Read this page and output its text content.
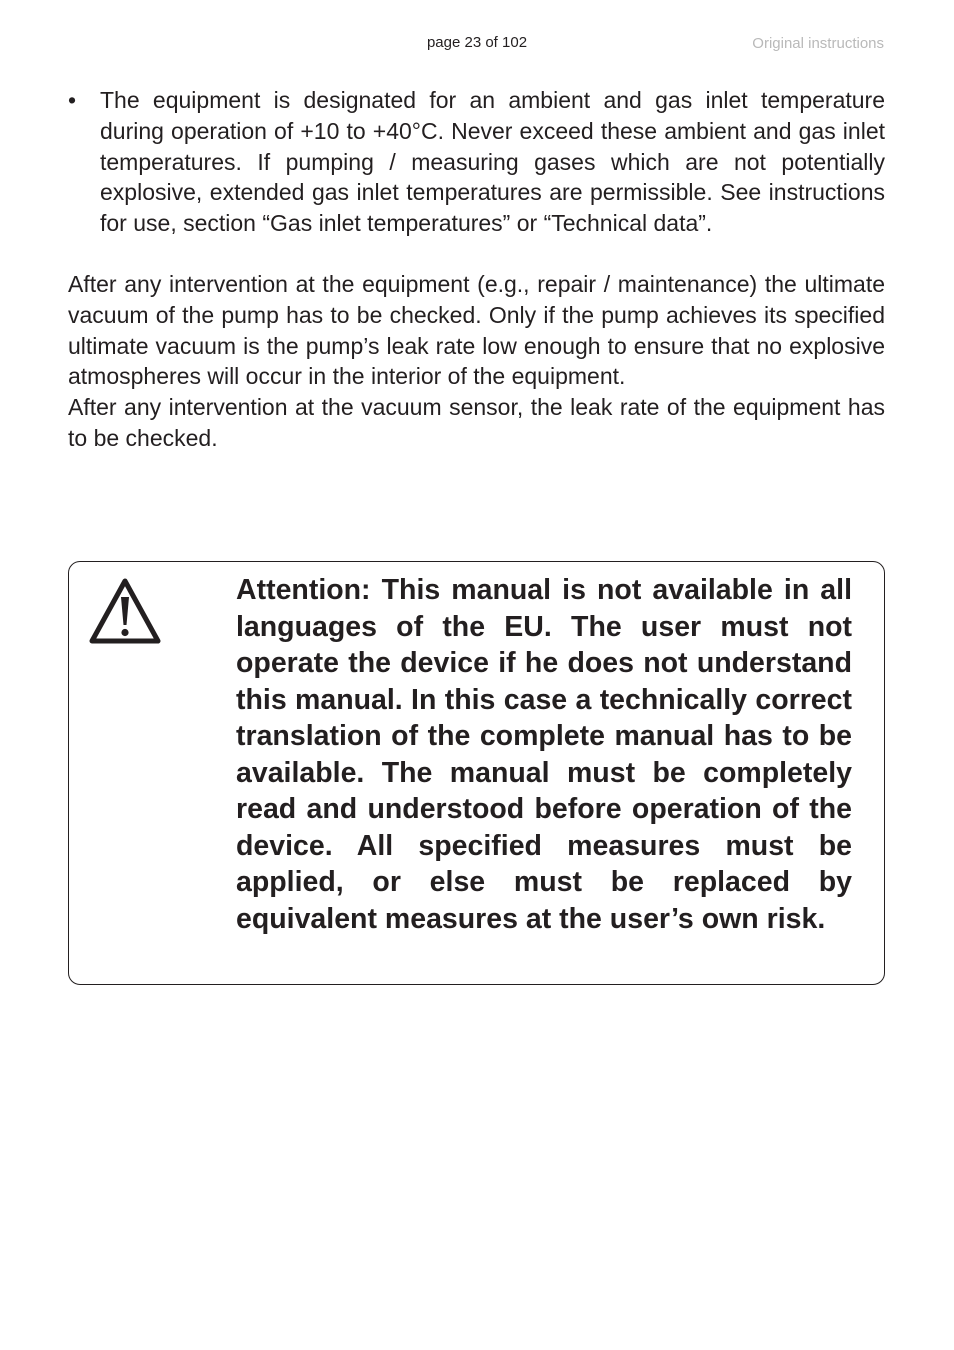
page 23 of 102	Original instructions
• The equipment is designated for an ambient and gas inlet temperature during operation of +10 to +40°C. Never exceed these ambient and gas inlet temperatures. If pumping / measuring gases which are not potentially explosive, extended gas inlet temperatures are permissible. See instructions for use, section “Gas inlet temperatures” or “Technical data”.

After any intervention at the equipment (e.g., repair / maintenance) the ultimate vacuum of the pump has to be checked. Only if the pump achieves its specified ultimate vacuum is the pump’s leak rate low enough to ensure that no explosive atmospheres will occur in the interior of the equipment.

After any intervention at the vacuum sensor, the leak rate of the equipment has to be checked.

Attention: This manual is not available in all languages of the EU. The user must not operate the device if he does not understand this manual. In this case a technically correct translation of the complete manual has to be available. The manual must be completely read and understood before operation of the device. All specified measures must be applied, or else must be replaced by equivalent measures at the user’s own risk.
